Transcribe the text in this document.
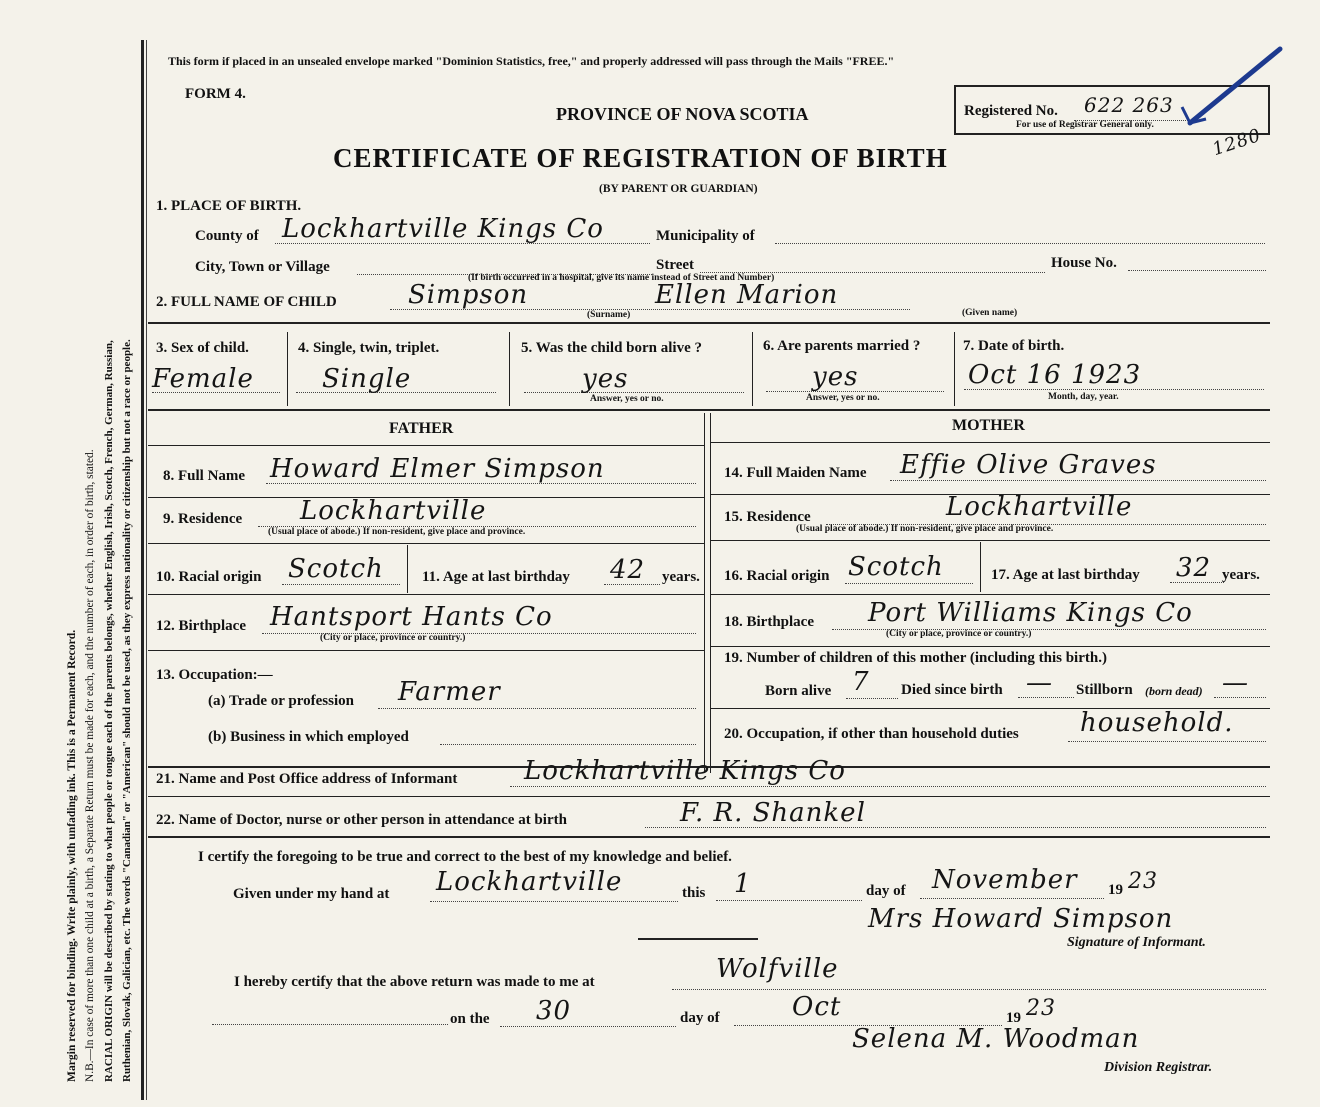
Margin reserved for binding. Write plainly, with unfading ink. This is a Permanent Record. N.B.—In case of more than one child at a birth, a Separate Return must be made for each, and the number of each, in order of birth, stated. RACIAL ORIGIN will be described by stating to what people or tongue each of the parents belongs, whether English, Irish, Scotch, French, German, Russian, Ruthenian, Slovak, Galician, etc. The words "Canadian" or "American" should not be used, as they express nationality or citizenship but not a race or people.
This form if placed in an unsealed envelope marked "Dominion Statistics, free," and properly addressed will pass through the Mails "FREE."
FORM 4.
PROVINCE OF NOVA SCOTIA	Registered No. 622 263
For use of Registrar General only.	1280
CERTIFICATE OF REGISTRATION OF BIRTH
(BY PARENT OR GUARDIAN)
1. PLACE OF BIRTH.
County of Lockhartville Kings Co	Municipality of
City, Town or Village	Street	House No.
(If birth occurred in a hospital, give its name instead of Street and Number)
2. FULL NAME OF CHILD	Simpson	Ellen Marion
(Surname)	(Given name)
3. Sex of child.
Female
4. Single, twin, triplet.
Single
5. Was the child born alive ?
yes
Answer, yes or no.
6. Are parents married ?
yes
Answer, yes or no.
7. Date of birth.
Oct 16 1923
Month, day, year.
FATHER	MOTHER
8. Full Name Howard Elmer Simpson
9. Residence Lockhartville
(Usual place of abode.) If non-resident, give place and province.
10. Racial origin Scotch	11. Age at last birthday 42 years.
12. Birthplace Hantsport Hants Co
(City or place, province or country.)
13. Occupation:—
(a) Trade or profession Farmer
(b) Business in which employed
14. Full Maiden Name Effie Olive Graves
15. Residence	Lockhartville
(Usual place of abode.) If non-resident, give place and province.
16. Racial origin Scotch	17. Age at last birthday 32 years.
18. Birthplace Port Williams Kings Co
(City or place, province or country.)
19. Number of children of this mother (including this birth.)
Born alive 7 Died since birth — Stillborn (born dead) —
20. Occupation, if other than household duties household.
21. Name and Post Office address of Informant	Lockhartville Kings Co
22. Name of Doctor, nurse or other person in attendance at birth	F. R. Shankel
I certify the foregoing to be true and correct to the best of my knowledge and belief.
Given under my hand at Lockhartville	this 1	day of November 19 23
Mrs Howard Simpson
Signature of Informant.
I hereby certify that the above return was made to me at	Wolfville
on the 30	day of	Oct	19 23
Selena M. Woodman
Division Registrar.
